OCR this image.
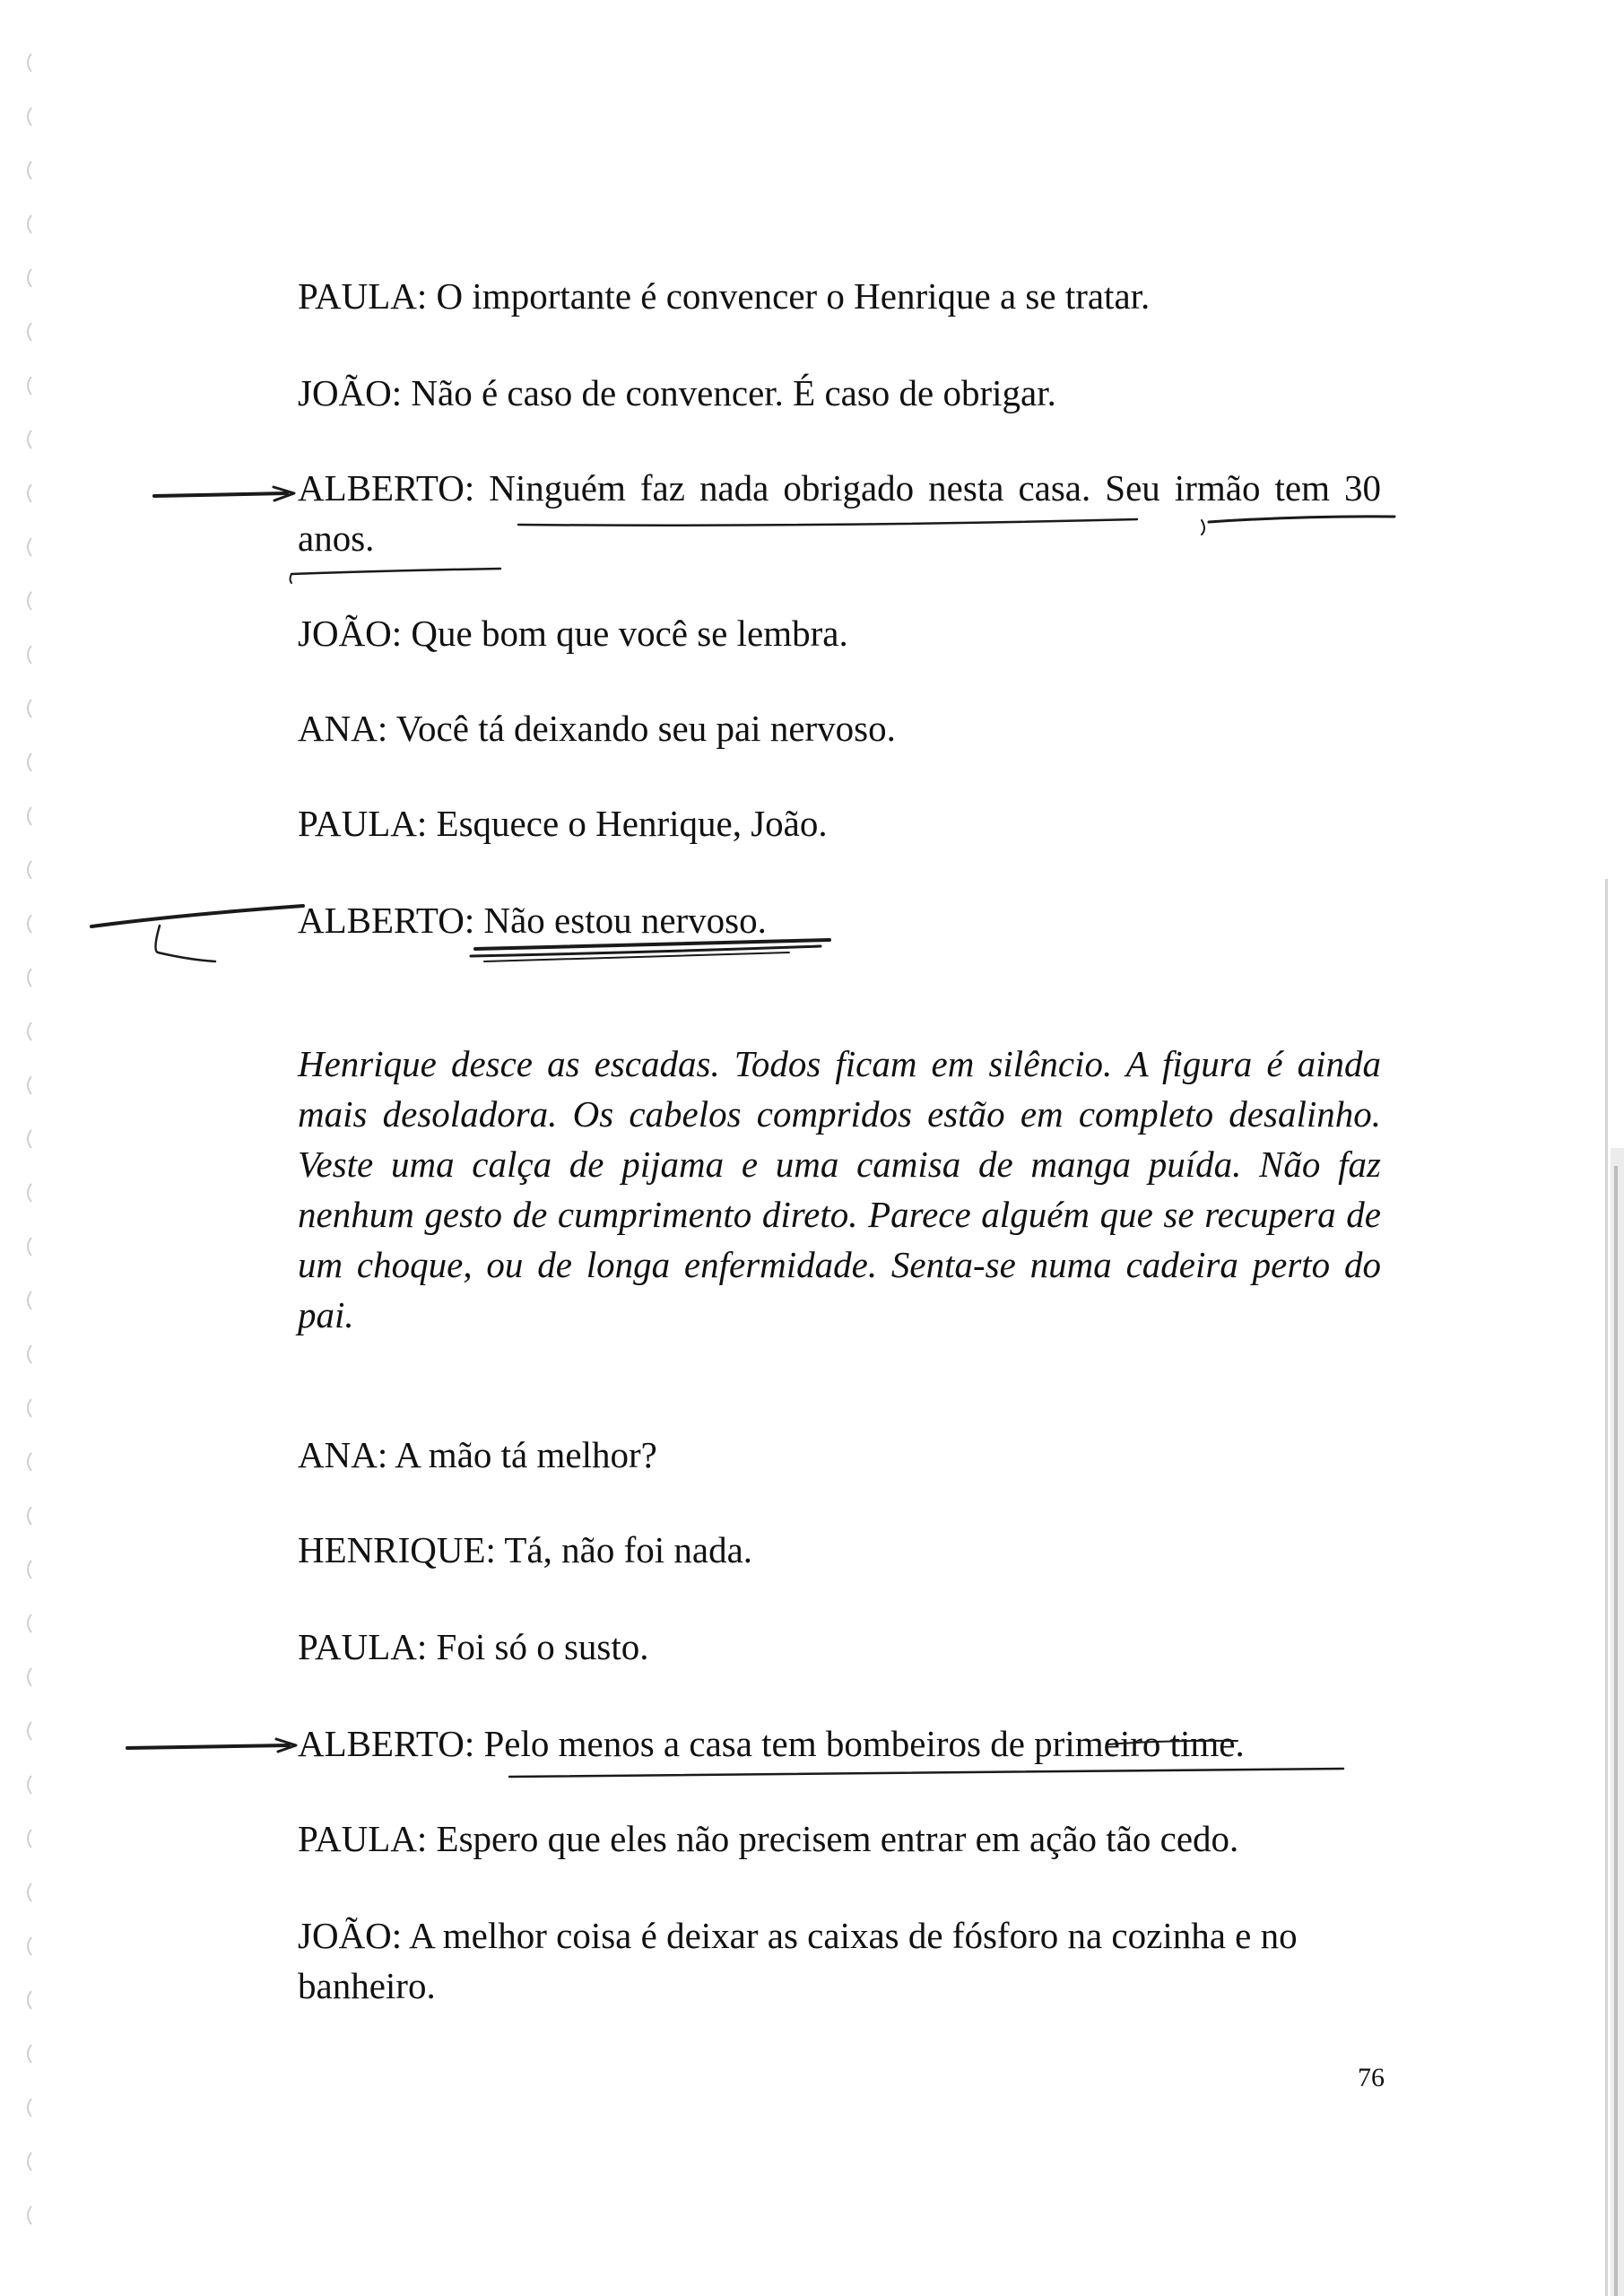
PAULA: O importante é convencer o Henrique a se tratar.

JOÃO: Não é caso de convencer. É caso de obrigar.

ALBERTO: Ninguém faz nada obrigado nesta casa. Seu irmão tem 30 anos.

JOÃO: Que bom que você se lembra.

ANA: Você tá deixando seu pai nervoso.

PAULA: Esquece o Henrique, João.

ALBERTO: Não estou nervoso.

Henrique desce as escadas. Todos ficam em silêncio. A figura é ainda mais desoladora. Os cabelos compridos estão em completo desalinho. Veste uma calça de pijama e uma camisa de manga puída. Não faz nenhum gesto de cumprimento direto. Parece alguém que se recupera de um choque, ou de longa enfermidade. Senta-se numa cadeira perto do pai.

ANA: A mão tá melhor?

HENRIQUE: Tá, não foi nada.

PAULA: Foi só o susto.

ALBERTO: Pelo menos a casa tem bombeiros de primeiro time.

PAULA: Espero que eles não precisem entrar em ação tão cedo.

JOÃO: A melhor coisa é deixar as caixas de fósforo na cozinha e no banheiro.

76
